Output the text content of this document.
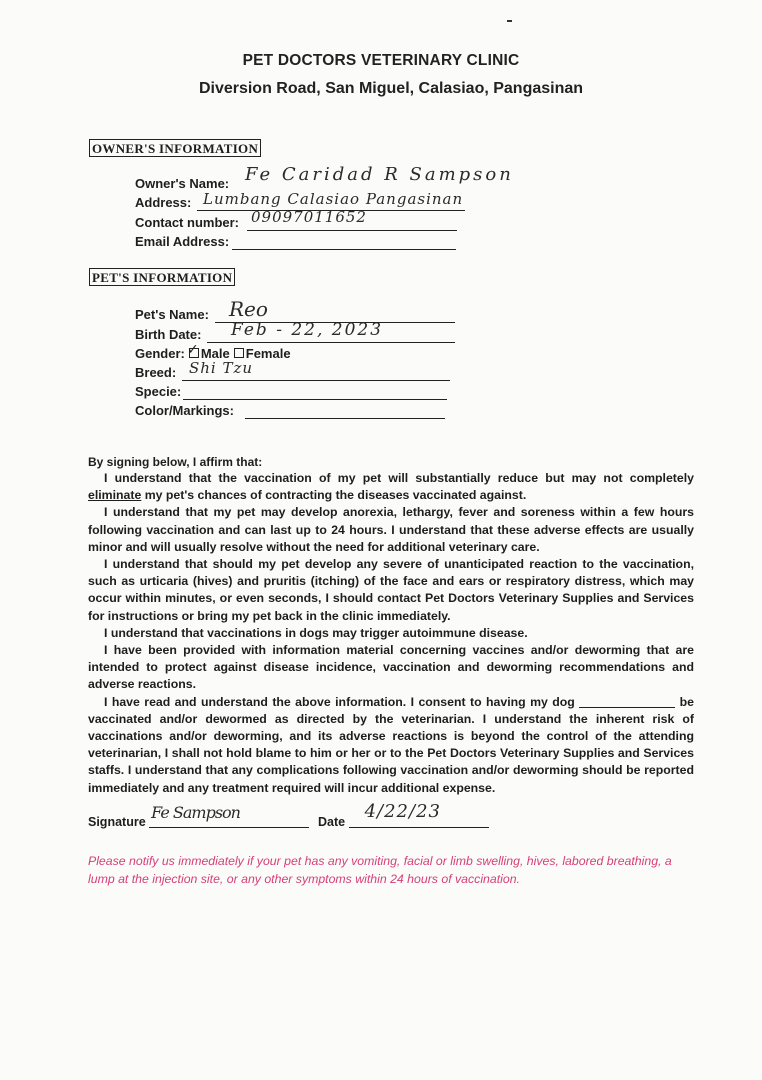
PET DOCTORS VETERINARY CLINIC
Diversion Road, San Miguel, Calasiao, Pangasinan
OWNER'S INFORMATION
Owner's Name: Fe Caridad R Sampson
Address: Lumbang Calasiao Pangasinan
Contact number: 09097011652
Email Address:
PET'S INFORMATION
Pet's Name: Reo
Birth Date: Feb - 22, 2023
Gender: Male Female
✓
Breed: Shi Tzu
Specie:
Color/Markings:
By signing below, I affirm that:

I understand that the vaccination of my pet will substantially reduce but may not completely eliminate my pet's chances of contracting the diseases vaccinated against.

I understand that my pet may develop anorexia, lethargy, fever and soreness within a few hours following vaccination and can last up to 24 hours. I understand that these adverse effects are usually minor and will usually resolve without the need for additional veterinary care.

I understand that should my pet develop any severe of unanticipated reaction to the vaccination, such as urticaria (hives) and pruritis (itching) of the face and ears or respiratory distress, which may occur within minutes, or even seconds, I should contact Pet Doctors Veterinary Supplies and Services for instructions or bring my pet back in the clinic immediately.

I understand that vaccinations in dogs may trigger autoimmune disease.

I have been provided with information material concerning vaccines and/or deworming that are intended to protect against disease incidence, vaccination and deworming recommendations and adverse reactions.

I have read and understand the above information. I consent to having my dog	be vaccinated and/or dewormed as directed by the veterinarian. I understand the inherent risk of vaccinations and/or deworming, and its adverse reactions is beyond the control of the attending veterinarian, I shall not hold blame to him or her or to the Pet Doctors Veterinary Supplies and Services staffs. I understand that any complications following vaccination and/or deworming should be reported immediately and any treatment required will incur additional expense.

Signature Fe Sampson	Date 4/22/23
Please notify us immediately if your pet has any vomiting, facial or limb swelling, hives, labored breathing, a lump at the injection site, or any other symptoms within 24 hours of vaccination.
